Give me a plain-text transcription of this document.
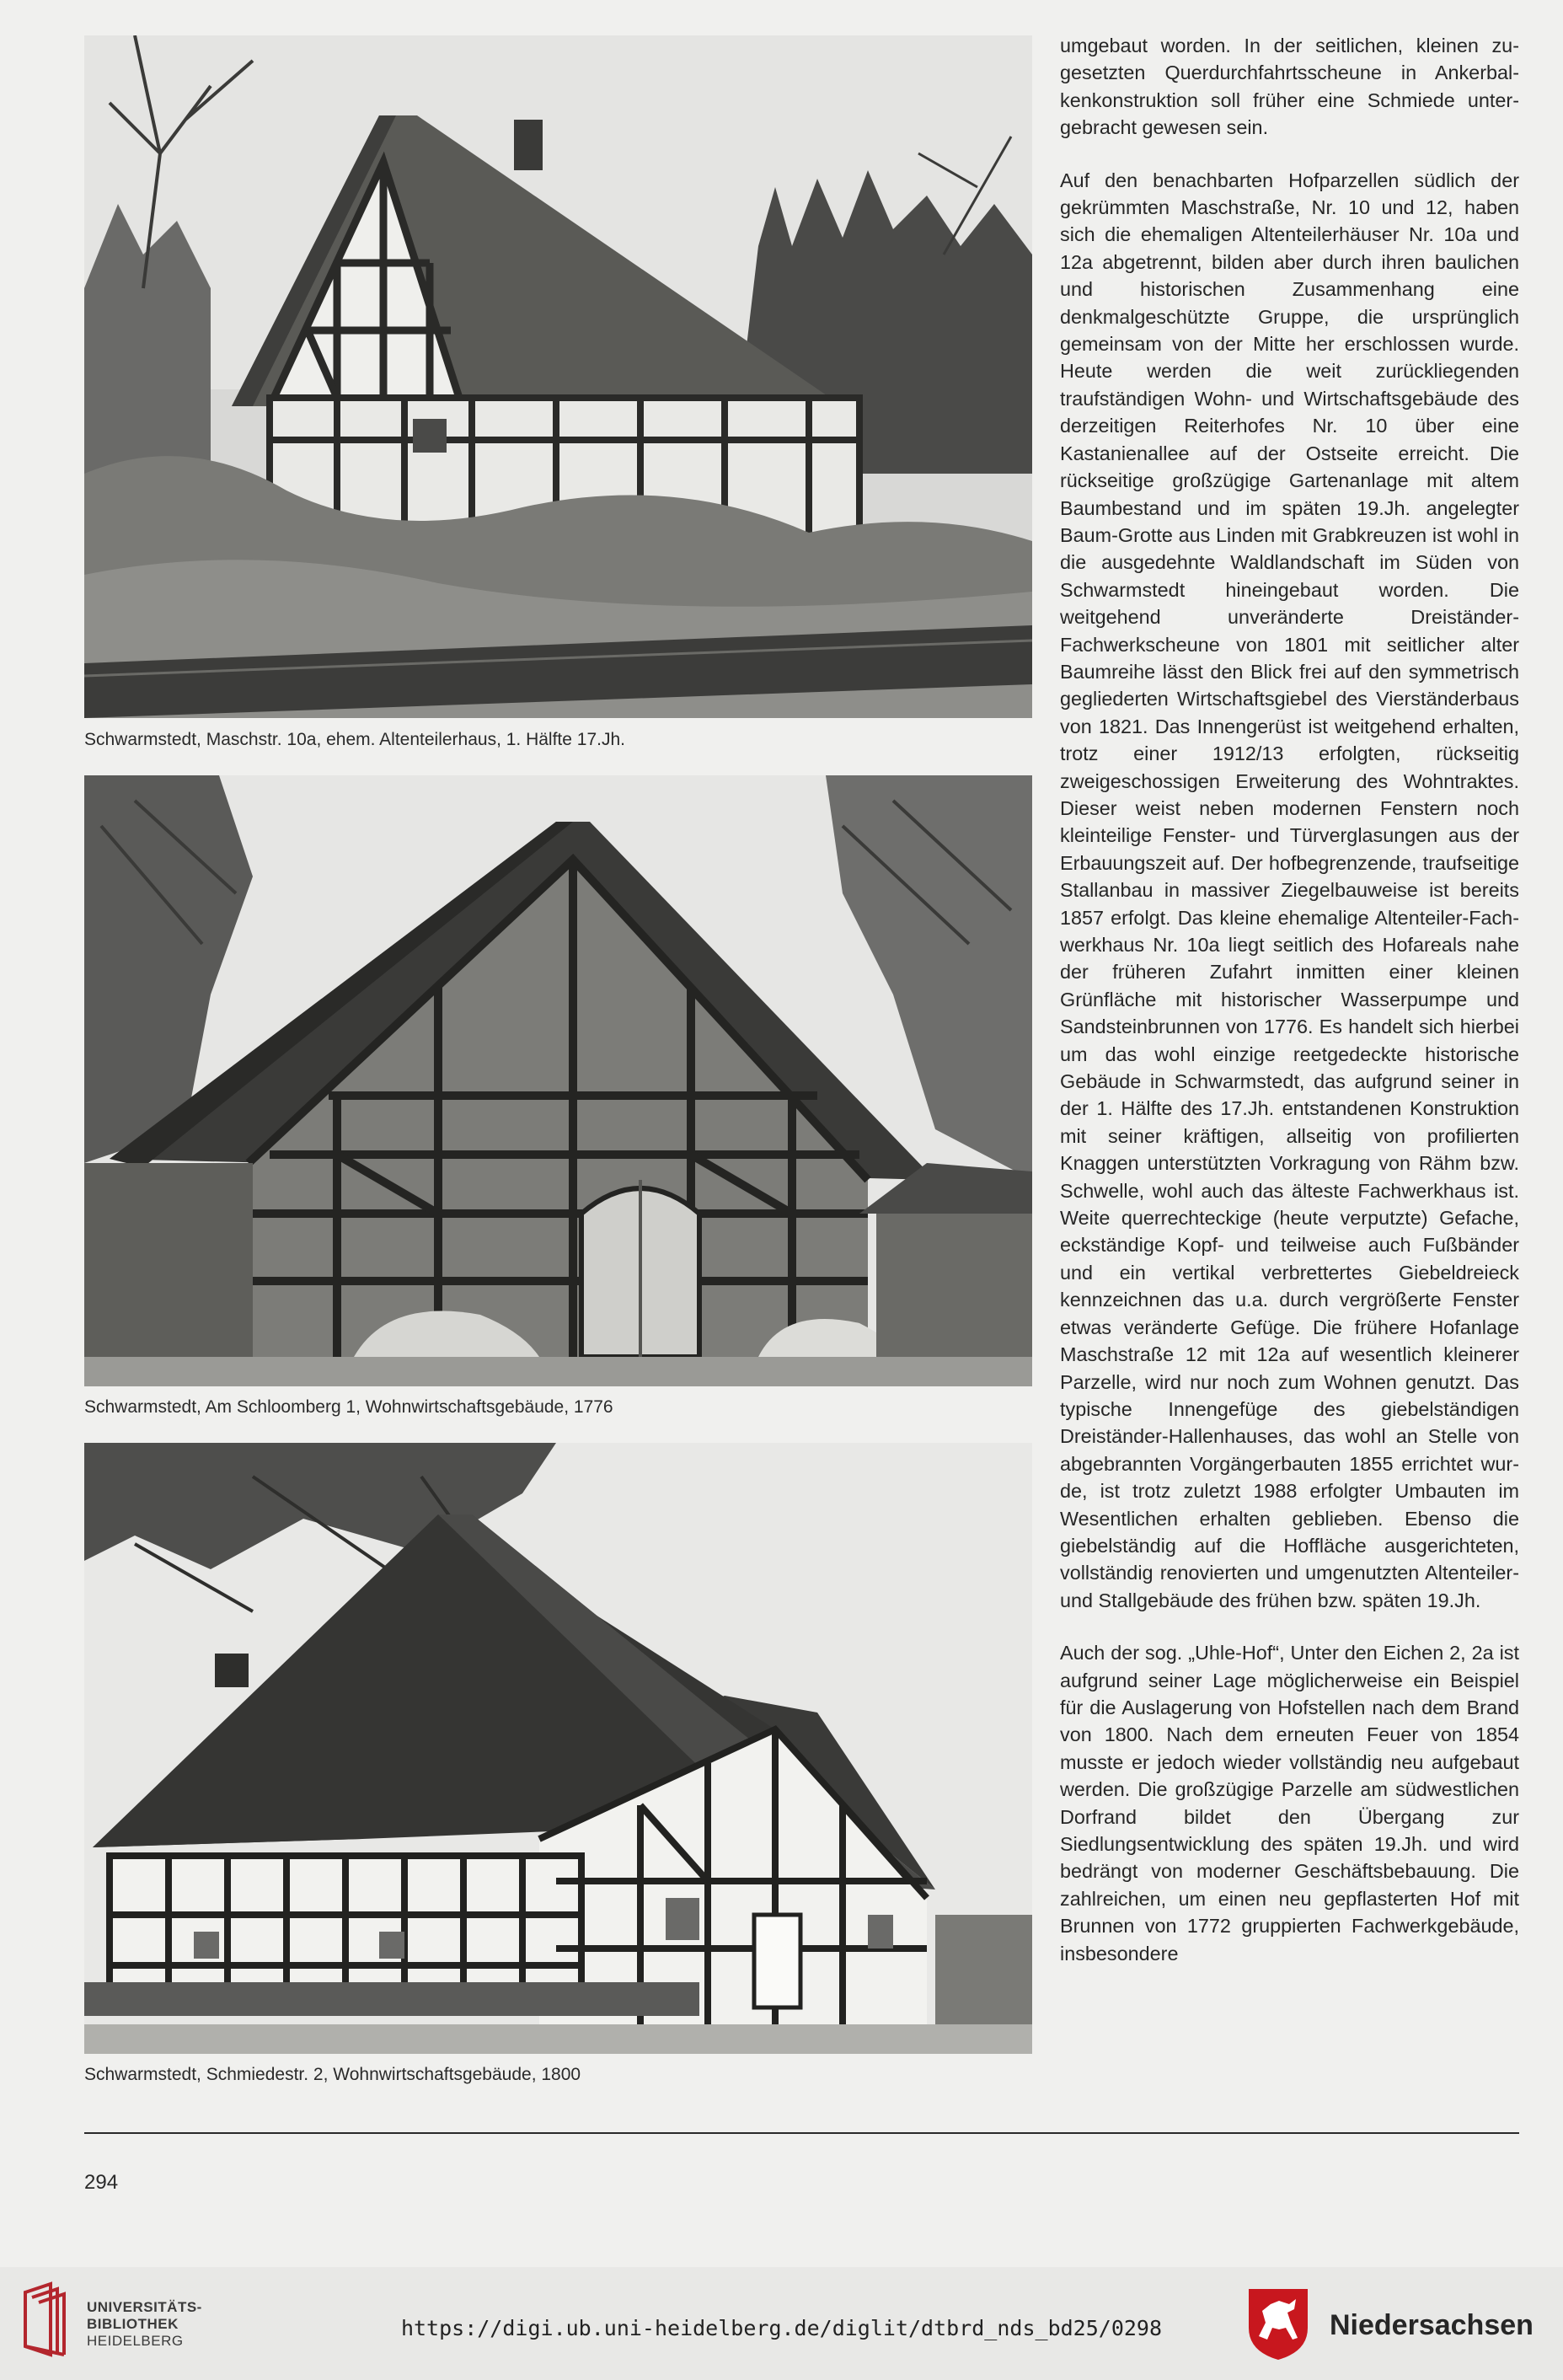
Schwarmstedt, Maschstr. 10a, ehem. Altenteilerhaus, 1. Hälfte 17.Jh.
Schwarmstedt, Am Schloomberg 1, Wohnwirtschaftsgebäude, 1776
Schwarmstedt, Schmiedestr. 2, Wohnwirtschaftsgebäude, 1800

umgebaut worden. In der seitlichen, kleinen zugesetzten Querdurchfahrtsscheune in Ankerbalkenkonstruktion soll früher eine Schmiede untergebracht gewesen sein.

Auf den benachbarten Hofparzellen südlich der gekrümmten Maschstraße, Nr. 10 und 12, haben sich die ehemaligen Altenteilerhäuser Nr. 10a und 12a abgetrennt, bilden aber durch ihren baulichen und historischen Zusammenhang eine denkmalgeschützte Gruppe, die ursprünglich gemeinsam von der Mitte her erschlossen wurde. Heute werden die weit zurückliegenden traufständigen Wohn- und Wirtschaftsgebäude des derzeitigen Reiterhofes Nr. 10 über eine Kastanienallee auf der Ostseite erreicht. Die rückseitige großzügige Gartenanlage mit altem Baumbestand und im späten 19.Jh. angelegter Baum-Grotte aus Linden mit Grabkreuzen ist wohl in die ausgedehnte Waldlandschaft im Süden von Schwarmstedt hineingebaut worden. Die weitgehend unveränderte Dreiständer-Fachwerkscheune von 1801 mit seitlicher alter Baumreihe lässt den Blick frei auf den symmetrisch gegliederten Wirtschaftsgiebel des Vierständerbaus von 1821. Das Innengerüst ist weitgehend erhalten, trotz einer 1912/13 erfolgten, rückseitig zweigeschossigen Erweiterung des Wohntraktes. Dieser weist neben modernen Fenstern noch kleinteilige Fenster- und Türverglasungen aus der Erbauungszeit auf. Der hofbegrenzende, traufseitige Stallanbau in massiver Ziegelbauweise ist bereits 1857 erfolgt. Das kleine ehemalige Altenteiler-Fachwerkhaus Nr. 10a liegt seitlich des Hofareals nahe der früheren Zufahrt inmitten einer kleinen Grünfläche mit historischer Wasserpumpe und Sandsteinbrunnen von 1776. Es handelt sich hierbei um das wohl einzige reetgedeckte historische Gebäude in Schwarmstedt, das aufgrund seiner in der 1. Hälfte des 17.Jh. entstandenen Konstruktion mit seiner kräftigen, allseitig von profilierten Knaggen unterstützten Vorkragung von Rähm bzw. Schwelle, wohl auch das älteste Fachwerkhaus ist. Weite querrechteckige (heute verputzte) Gefache, eckständige Kopf- und teilweise auch Fußbänder und ein vertikal verbrettertes Giebeldreieck kennzeichnen das u.a. durch vergrößerte Fenster etwas veränderte Gefüge. Die frühere Hofanlage Maschstraße 12 mit 12a auf wesentlich kleinerer Parzelle, wird nur noch zum Wohnen genutzt. Das typische Innengefüge des giebelständigen Dreiständer-Hallenhauses, das wohl an Stelle von abgebrannten Vorgängerbauten 1855 errichtet wurde, ist trotz zuletzt 1988 erfolgter Umbauten im Wesentlichen erhalten geblieben. Ebenso die giebelständig auf die Hoffläche ausgerichteten, vollständig renovierten und umgenutzten Altenteiler- und Stallgebäude des frühen bzw. späten 19.Jh.

Auch der sog. „Uhle-Hof“, Unter den Eichen 2, 2a ist aufgrund seiner Lage möglicherweise ein Beispiel für die Auslagerung von Hofstellen nach dem Brand von 1800. Nach dem erneuten Feuer von 1854 musste er jedoch wieder vollständig neu aufgebaut werden. Die großzügige Parzelle am südwestlichen Dorfrand bildet den Übergang zur Siedlungsentwicklung des späten 19.Jh. und wird bedrängt von moderner Geschäftsbebauung. Die zahlreichen, um einen neu gepflasterten Hof mit Brunnen von 1772 gruppierten Fachwerkgebäude, insbesondere

294
UNIVERSITÄTS-
BIBLIOTHEK
HEIDELBERG
https://digi.ub.uni-heidelberg.de/diglit/dtbrd_nds_bd25/0298	Niedersachsen
